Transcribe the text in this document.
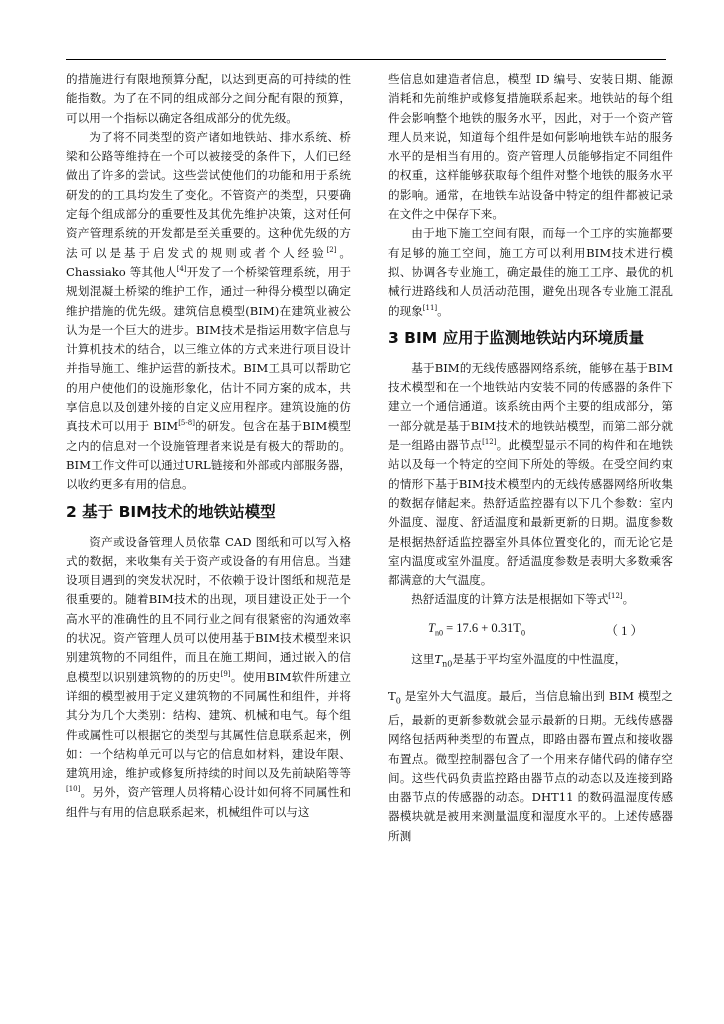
的措施进行有限地预算分配，以达到更高的可持续的性能指数。为了在不同的组成部分之间分配有限的预算，可以用一个指标以确定各组成部分的优先级。

为了将不同类型的资产诸如地铁站、排水系统、桥梁和公路等维持在一个可以被接受的条件下，人们已经做出了许多的尝试。这些尝试使他们的功能和用于系统研发的的工具均发生了变化。不管资产的类型，只要确定每个组成部分的重要性及其优先维护决策，这对任何资产管理系统的开发都是至关重要的。这种优先级的方法可以是基于启发式的规则或者个人经验[2]。Chassiako 等其他人[4]开发了一个桥梁管理系统，用于规划混凝土桥梁的维护工作，通过一种得分模型以确定维护措施的优先级。建筑信息模型(BIM)在建筑业被公认为是一个巨大的进步。BIM技术是指运用数字信息与计算机技术的结合，以三维立体的方式来进行项目设计并指导施工、维护运营的新技术。BIM工具可以帮助它的用户使他们的设施形象化，估计不同方案的成本，共享信息以及创建外接的自定义应用程序。建筑设施的仿真技术可以用于 BIM[5-8]的研发。包含在基于BIM模型之内的信息对一个设施管理者来说是有极大的帮助的。BIM工作文件可以通过URL链接和外部或内部服务器，以收约更多有用的信息。

2 基于 BIM技术的地铁站模型

资产或设备管理人员依靠 CAD 图纸和可以写入格式的数据，来收集有关于资产或设备的有用信息。当建设项目遇到的突发状况时，不依赖于设计图纸和规范是很重要的。随着BIM技术的出现，项目建设正处于一个高水平的准确性的且不同行业之间有很紧密的沟通效率的状况。资产管理人员可以使用基于BIM技术模型来识别建筑物的不同组件，而且在施工期间，通过嵌入的信息模型以识别建筑物的的历史[9]。使用BIM软件所建立详细的模型被用于定义建筑物的不同属性和组件，并将其分为几个大类别：结构、建筑、机械和电气。每个组件或属性可以根据它的类型与其属性信息联系起来，例如：一个结构单元可以与它的信息如材料，建设年限、建筑用途，维护或修复所持续的时间以及先前缺陷等等[10]。另外，资产管理人员将精心设计如何将不同属性和组件与有用的信息联系起来，机械组件可以与这

些信息如建造者信息，模型 ID 编号、安装日期、能源消耗和先前维护或修复措施联系起来。地铁站的每个组件会影响整个地铁的服务水平，因此，对于一个资产管理人员来说，知道每个组件是如何影响地铁车站的服务水平的是相当有用的。资产管理人员能够指定不同组件的权重，这样能够获取每个组件对整个地铁的服务水平的影响。通常，在地铁车站设备中特定的组件都被记录在文件之中保存下来。

由于地下施工空间有限，而每一个工序的实施都要有足够的施工空间，施工方可以利用BIM技术进行模拟、协调各专业施工，确定最佳的施工工序、最优的机械行进路线和人员活动范围，避免出现各专业施工混乱的现象[11]。

3 BIM 应用于监测地铁站内环境质量

基于BIM的无线传感器网络系统，能够在基于BIM技术模型和在一个地铁站内安装不同的传感器的条件下建立一个通信通道。该系统由两个主要的组成部分，第一部分就是基于BIM技术的地铁站模型，而第二部分就是一组路由器节点[12]。此模型显示不同的构件和在地铁站以及每一个特定的空间下所处的等级。在受空间约束的情形下基于BIM技术模型内的无线传感器网络所收集的数据存储起来。热舒适监控器有以下几个参数：室内外温度、湿度、舒适温度和最新更新的日期。温度参数是根据热舒适监控器室外具体位置变化的，而无论它是室内温度或室外温度。舒适温度参数是表明大多数乘客都满意的大气温度。

热舒适温度的计算方法是根据如下等式[12]。

$T_{n0} = 17.6 + 0.31T_0$	（ 1 ）

这里$T_{n0}$是基于平均室外温度的中性温度，

$T_0$ 是室外大气温度。最后，当信息输出到 BIM 模型之后，最新的更新参数就会显示最新的日期。无线传感器网络包括两种类型的布置点，即路由器布置点和接收器布置点。微型控制器包含了一个用来存储代码的储存空间。这些代码负责监控路由器节点的动态以及连接到路由器节点的传感器的动态。DHT11 的数码温湿度传感器模块就是被用来测量温度和湿度水平的。上述传感器所测
